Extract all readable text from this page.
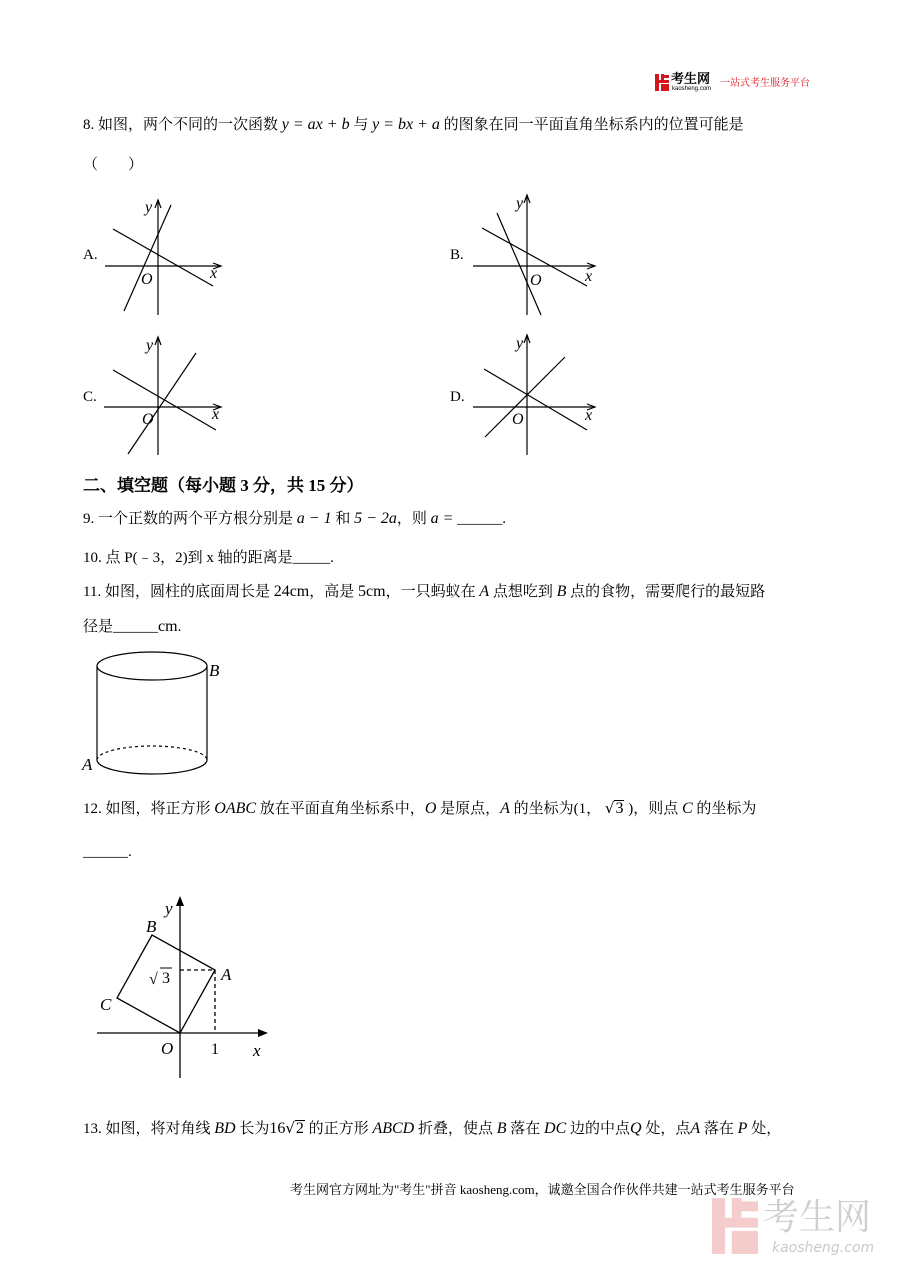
考生网
kaosheng.com 一站式考生服务平台
8. 如图，两个不同的一次函数 y = ax + b 与 y = bx + a 的图象在同一平面直角坐标系内的位置可能是
（　　）
A.
y
x
O
B.
y
x
O
C.
y
x
O
D.
y
x
O
二、填空题（每小题 3 分，共 15 分）
9. 一个正数的两个平方根分别是 a − 1 和 5 − 2a，则 a = ______.
10. 点 P(﹣3，2)到 x 轴的距离是_____.
11. 如图，圆柱的底面周长是 24cm，高是 5cm，一只蚂蚁在 A 点想吃到 B 点的食物，需要爬行的最短路
径是______cm.
B
A
12. 如图，将正方形 OABC 放在平面直角坐标系中，O 是原点，A 的坐标为(1， √3 )，则点 C 的坐标为
______.
y
B
A
C
O 1 x
√ 3
13. 如图，将对角线 BD 长为16√2 的正方形 ABCD 折叠，使点 B 落在 DC 边的中点Q 处，点A 落在 P 处，
考生网官方网址为"考生"拼音 kaosheng.com，诚邀全国合作伙伴共建一站式考生服务平台
考生网
kaosheng.com
